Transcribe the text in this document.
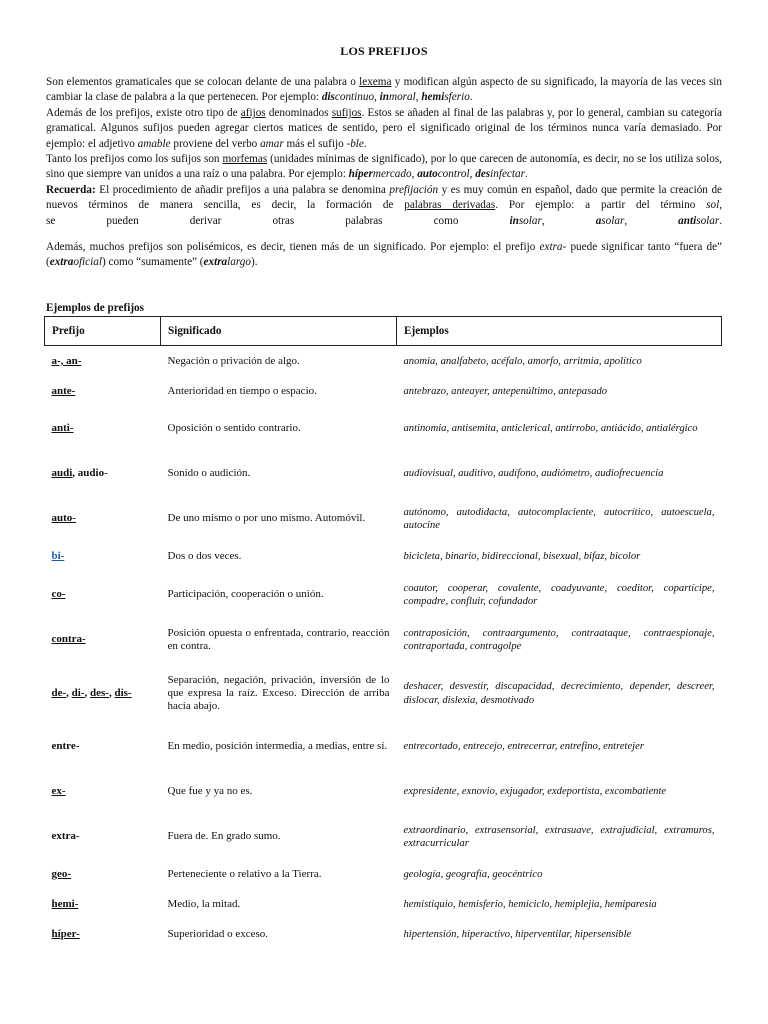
LOS PREFIJOS

Son elementos gramaticales que se colocan delante de una palabra o lexema y modifican algún aspecto de su significado, la mayoría de las veces sin cambiar la clase de palabra a la que pertenecen. Por ejemplo: discontinuo, inmoral, hemisferio.

Además de los prefijos, existe otro tipo de afijos denominados sufijos. Estos se añaden al final de las palabras y, por lo general, cambian su categoría gramatical. Algunos sufijos pueden agregar ciertos matices de sentido, pero el significado original de los términos nunca varía demasiado. Por ejemplo: el adjetivo amable proviene del verbo amar más el sufijo -ble.

Tanto los prefijos como los sufijos son morfemas (unidades mínimas de significado), por lo que carecen de autonomía, es decir, no se los utiliza solos, sino que siempre van unidos a una raíz o una palabra. Por ejemplo: hípermercado, autocontrol, desinfectar.

Recuerda: El procedimiento de añadir prefijos a una palabra se denomina prefijación y es muy común en español, dado que permite la creación de nuevos términos de manera sencilla, es decir, la formación de palabras derivadas. Por ejemplo: a partir del término sol,

se pueden derivar otras palabras como insolar, asolar, antisolar.

Además, muchos prefijos son polisémicos, es decir, tienen más de un significado. Por ejemplo: el prefijo extra- puede significar tanto “fuera de” (extraoficial) como “sumamente” (extralargo).

Ejemplos de prefijos
Prefijo	Significado	Ejemplos
a-, an-	Negación o privación de algo.	anomia, analfabeto, acéfalo, amorfo, arritmia, apolítico
ante-	Anterioridad en tiempo o espacio.	antebrazo, anteayer, antepenúltimo, antepasado
anti-	Oposición o sentido contrario.	antinomia, antisemita, anticlerical, antirrobo, antiácido, antialérgico
audi, audio-	Sonido o audición.	audiovisual, auditivo, audífono, audiómetro, audiofrecuencia
auto-	De uno mismo o por uno mismo. Automóvil.	autónomo, autodidacta, autocomplaciente, autocrítico, autoescuela, autocine
bi-	Dos o dos veces.	bicicleta, binario, bidireccional, bisexual, bifaz, bicolor
co-	Participación, cooperación o unión.	coautor, cooperar, covalente, coadyuvante, coeditor, copartícipe, compadre, confluir, cofundador
contra-	Posición opuesta o enfrentada, contrario, reacción en contra.	contraposición, contraargumento, contraataque, contraespionaje, contraportada, contragolpe
de-, di-, des-, dis-	Separación, negación, privación, inversión de lo que expresa la raíz. Exceso. Dirección de arriba hacia abajo.	deshacer, desvestir, discapacidad, decrecimiento, depender, descreer, dislocar, dislexia, desmotivado
entre-	En medio, posición intermedia, a medias, entre sí.	entrecortado, entrecejo, entrecerrar, entrefino, entretejer
ex-	Que fue y ya no es.	expresidente, exnovio, exjugador, exdeportista, excombatiente
extra-	Fuera de. En grado sumo.	extraordinario, extrasensorial, extrasuave, extrajudicial, extramuros, extracurricular
geo-	Perteneciente o relativo a la Tierra.	geología, geografía, geocéntrico
hemi-	Medio, la mitad.	hemistiquio, hemisferio, hemiciclo, hemiplejia, hemiparesia
híper-	Superioridad o exceso.	hipertensión, hiperactivo, hiperventilar, hipersensible
